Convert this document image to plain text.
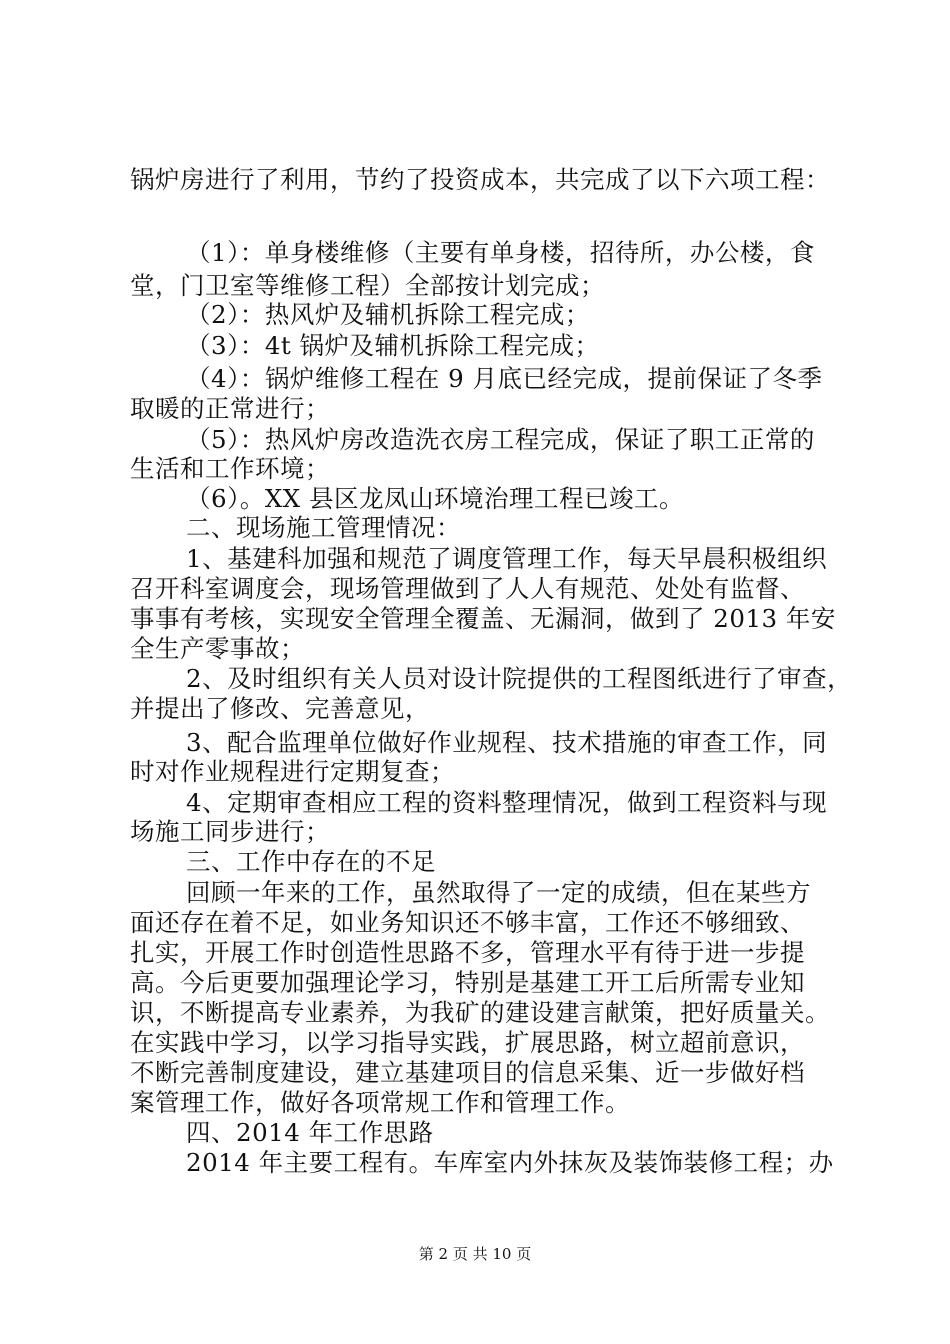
锅炉房进行了利用，节约了投资成本，共完成了以下六项工程：
（1）：单身楼维修（主要有单身楼，招待所，办公楼，食
堂，门卫室等维修工程）全部按计划完成；
（2）：热风炉及辅机拆除工程完成；
（3）：4t 锅炉及辅机拆除工程完成；
（4）：锅炉维修工程在 9 月底已经完成，提前保证了冬季
取暖的正常进行；
（5）：热风炉房改造洗衣房工程完成，保证了职工正常的
生活和工作环境；
（6）。XX 县区龙凤山环境治理工程已竣工。
二、现场施工管理情况：
1、基建科加强和规范了调度管理工作，每天早晨积极组织
召开科室调度会，现场管理做到了人人有规范、处处有监督、
事事有考核，实现安全管理全覆盖、无漏洞，做到了 2013 年安
全生产零事故；
2、及时组织有关人员对设计院提供的工程图纸进行了审查，
并提出了修改、完善意见，
3、配合监理单位做好作业规程、技术措施的审查工作，同
时对作业规程进行定期复查；
4、定期审查相应工程的资料整理情况，做到工程资料与现
场施工同步进行；
三、工作中存在的不足
回顾一年来的工作，虽然取得了一定的成绩，但在某些方
面还存在着不足，如业务知识还不够丰富，工作还不够细致、
扎实，开展工作时创造性思路不多，管理水平有待于进一步提
高。今后更要加强理论学习，特别是基建工开工后所需专业知
识，不断提高专业素养，为我矿的建设建言献策，把好质量关。
在实践中学习，以学习指导实践，扩展思路，树立超前意识，
不断完善制度建设，建立基建项目的信息采集、近一步做好档
案管理工作，做好各项常规工作和管理工作。
四、2014 年工作思路
2014 年主要工程有。车库室内外抹灰及装饰装修工程；办
第 2 页 共 10 页
